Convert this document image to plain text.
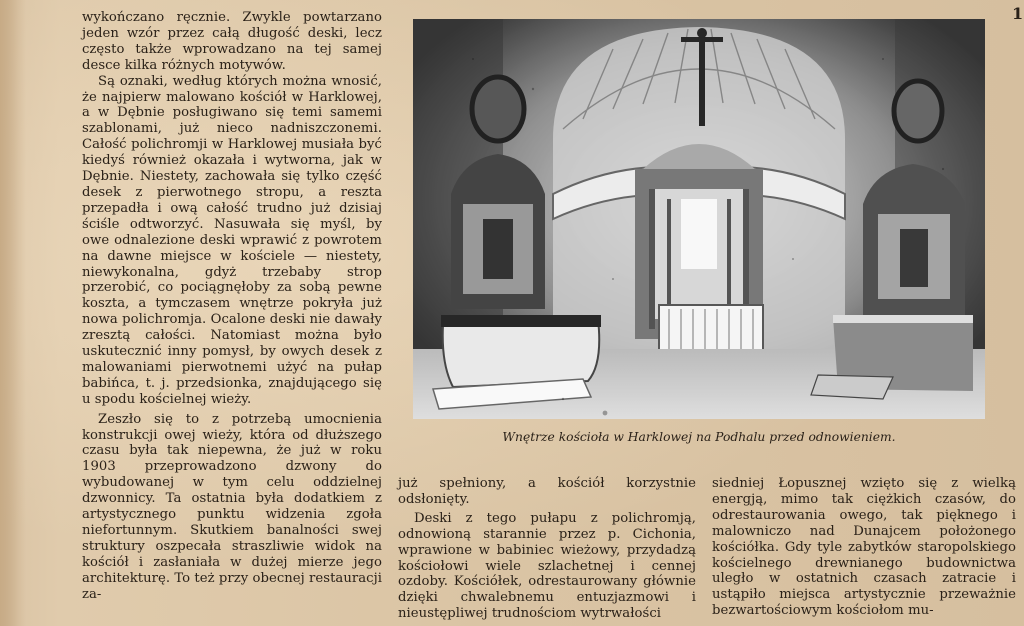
wykończano ręcznie. Zwykle powtarzano jeden wzór przez całą długość deski, lecz często także wprowadzano na tej samej desce kilka różnych motywów.

Są oznaki, według których można wnosić, że najpierw malowano kościół w Harklowej, a w Dębnie posługiwano się temi samemi szablonami, już nieco nadniszczonemi. Całość polichromji w Harklowej musiała być kiedyś również okazała i wytworna, jak w Dębnie. Niestety, zachowała się tylko część desek z pierwotnego stropu, a reszta przepadła i ową całość trudno już dzisiaj ściśle odtworzyć. Nasuwała się myśl, by owe odnalezione deski wprawić z powrotem na dawne miejsce w kościele — niestety, niewykonalna, gdyż trzebaby strop przerobić, co pociągnęłoby za sobą pewne koszta, a tymczasem wnętrze pokryła już nowa polichromja. Ocalone deski nie dawały zresztą całości. Natomiast można było uskutecznić inny pomysł, by owych desek z malowaniami pierwotnemi użyć na pułap babińca, t. j. przedsionka, znajdującego się u spodu kościelnej wieży.

Zeszło się to z potrzebą umocnienia konstrukcji owej wieży, która od dłuższego czasu była tak niepewna, że już w roku 1903 przeprowadzono dzwony do wybudowanej w tym celu oddzielnej dzwonnicy. Ta ostatnia była dodatkiem z artystycznego punktu widzenia zgoła niefortunnym. Skutkiem banalności swej struktury oszpecała straszliwie widok na kościół i zasłaniała w dużej mierze jego architekturę. To też przy obecnej restauracji za-

Wnętrze kościoła w Harklowej na Podhalu przed odnowieniem.

już spełniony, a kościół korzystnie odsłonięty.

Deski z tego pułapu z polichromją, odnowioną starannie przez p. Cichonia, wprawione w babiniec wieżowy, przydadzą kościołowi wiele szlachetnej i cennej ozdoby. Kościółek, odrestaurowany głównie dzięki chwalebnemu entuzjazmowi i nieustępliwej trudnościom wytrwałości

siedniej Łopusznej wzięto się z wielką energją, mimo tak ciężkich czasów, do odrestaurowania owego, tak pięknego i malowniczo nad Dunajcem położonego kościółka. Gdy tyle zabytków staropolskiego kościelnego drewnianego budownictwa uległo w ostatnich czasach zatracie i ustąpiło miejsca artystycznie przeważnie bezwartościowym kościołom mu-

1
